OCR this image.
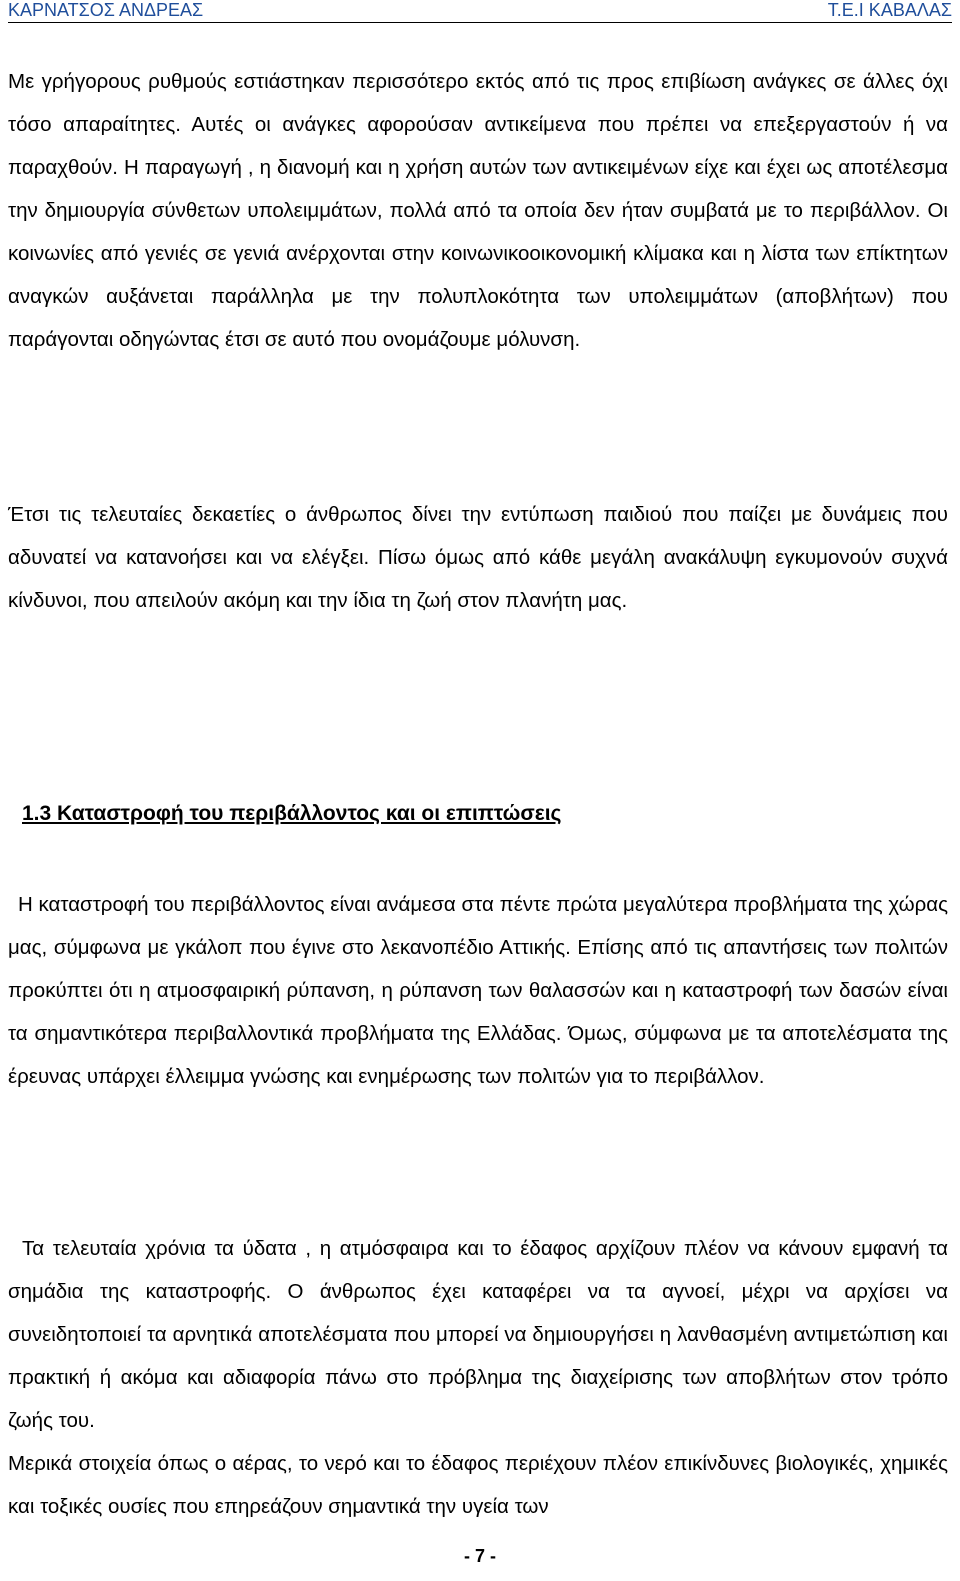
ΚΑΡΝΑΤΣΟΣ ΑΝΔΡΕΑΣ	Τ.Ε.Ι ΚΑΒΑΛΑΣ

Με γρήγορους ρυθμούς εστιάστηκαν περισσότερο εκτός από τις προς επιβίωση ανάγκες σε άλλες όχι τόσο απαραίτητες. Αυτές οι ανάγκες αφορούσαν αντικείμενα που πρέπει να επεξεργαστούν ή να παραχθούν. Η παραγωγή , η διανομή και η χρήση αυτών των αντικειμένων είχε και έχει ως αποτέλεσμα την δημιουργία σύνθετων υπολειμμάτων, πολλά από τα οποία δεν ήταν συμβατά με το περιβάλλον. Οι κοινωνίες από γενιές σε γενιά ανέρχονται στην κοινωνικοοικονομική κλίμακα και η λίστα των επίκτητων αναγκών αυξάνεται παράλληλα με την πολυπλοκότητα των υπολειμμάτων (αποβλήτων) που παράγονται οδηγώντας έτσι σε αυτό που ονομάζουμε μόλυνση.

Έτσι τις τελευταίες δεκαετίες ο άνθρωπος δίνει την εντύπωση παιδιού που παίζει με δυνάμεις που αδυνατεί να κατανοήσει και να ελέγξει. Πίσω όμως από κάθε μεγάλη ανακάλυψη εγκυμονούν συχνά κίνδυνοι, που απειλούν ακόμη και την ίδια τη ζωή στον πλανήτη μας.

1.3 Καταστροφή του περιβάλλοντος και οι επιπτώσεις

Η καταστροφή του περιβάλλοντος είναι ανάμεσα στα πέντε πρώτα μεγαλύτερα προβλήματα της χώρας μας, σύμφωνα με γκάλοπ που έγινε στο λεκανοπέδιο Αττικής. Επίσης από τις απαντήσεις των πολιτών προκύπτει ότι η ατμοσφαιρική ρύπανση, η ρύπανση των θαλασσών και η καταστροφή των δασών είναι τα σημαντικότερα περιβαλλοντικά προβλήματα της Ελλάδας. Όμως, σύμφωνα με τα αποτελέσματα της έρευνας υπάρχει έλλειμμα γνώσης και ενημέρωσης των πολιτών για το περιβάλλον.

Τα τελευταία χρόνια τα ύδατα , η ατμόσφαιρα και το έδαφος αρχίζουν πλέον να κάνουν εμφανή τα σημάδια της καταστροφής. Ο άνθρωπος έχει καταφέρει να τα αγνοεί, μέχρι να αρχίσει να συνειδητοποιεί τα αρνητικά αποτελέσματα που μπορεί να δημιουργήσει η λανθασμένη αντιμετώπιση και πρακτική ή ακόμα και αδιαφορία πάνω στο πρόβλημα της διαχείρισης των αποβλήτων στον τρόπο ζωής του.

Μερικά στοιχεία όπως ο αέρας, το νερό και το έδαφος περιέχουν πλέον επικίνδυνες βιολογικές, χημικές και τοξικές ουσίες που επηρεάζουν σημαντικά την υγεία των

- 7 -
